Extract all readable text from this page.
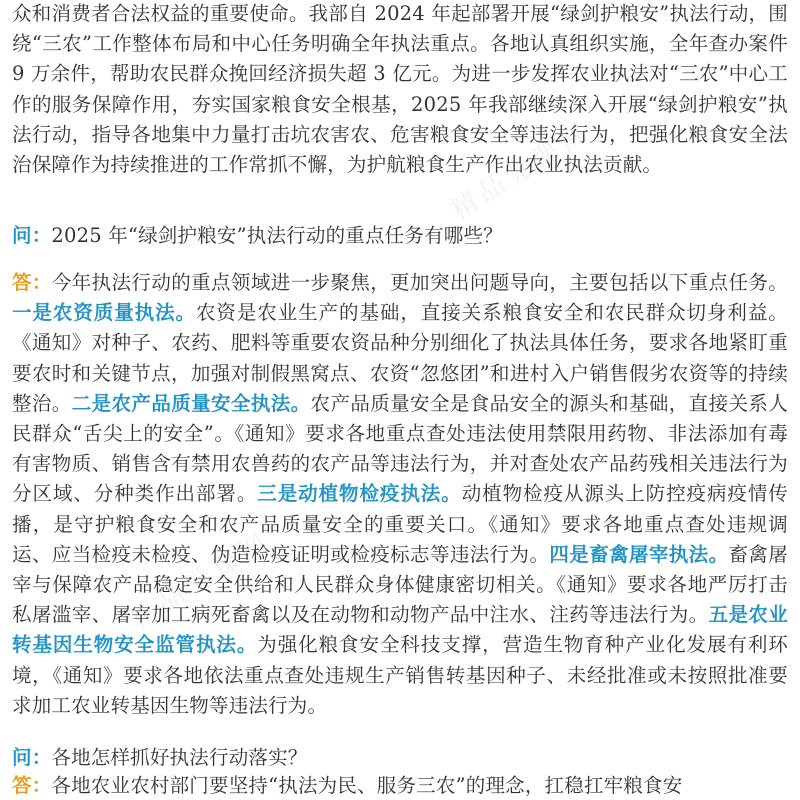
精品党课网
精品党课网

众和消费者合法权益的重要使命。我部自 2024 年起部署开展“绿剑护粮安”执法行动，围绕“三农”工作整体布局和中心任务明确全年执法重点。各地认真组织实施，全年查办案件 9 万余件，帮助农民群众挽回经济损失超 3 亿元。为进一步发挥农业执法对“三农”中心工作的服务保障作用，夯实国家粮食安全根基，2025 年我部继续深入开展“绿剑护粮安”执法行动，指导各地集中力量打击坑农害农、危害粮食安全等违法行为，把强化粮食安全法治保障作为持续推进的工作常抓不懈，为护航粮食生产作出农业执法贡献。

问：2025 年“绿剑护粮安”执法行动的重点任务有哪些？

答：今年执法行动的重点领域进一步聚焦，更加突出问题导向，主要包括以下重点任务。一是农资质量执法。农资是农业生产的基础，直接关系粮食安全和农民群众切身利益。《通知》对种子、农药、肥料等重要农资品种分别细化了执法具体任务，要求各地紧盯重要农时和关键节点，加强对制假黑窝点、农资“忽悠团”和进村入户销售假劣农资等的持续整治。二是农产品质量安全执法。农产品质量安全是食品安全的源头和基础，直接关系人民群众“舌尖上的安全”。《通知》要求各地重点查处违法使用禁限用药物、非法添加有毒有害物质、销售含有禁用农兽药的农产品等违法行为，并对查处农产品药残相关违法行为分区域、分种类作出部署。三是动植物检疫执法。动植物检疫从源头上防控疫病疫情传播，是守护粮食安全和农产品质量安全的重要关口。《通知》要求各地重点查处违规调运、应当检疫未检疫、伪造检疫证明或检疫标志等违法行为。四是畜禽屠宰执法。畜禽屠宰与保障农产品稳定安全供给和人民群众身体健康密切相关。《通知》要求各地严厉打击私屠滥宰、屠宰加工病死畜禽以及在动物和动物产品中注水、注药等违法行为。五是农业转基因生物安全监管执法。为强化粮食安全科技支撑，营造生物育种产业化发展有利环境，《通知》要求各地依法重点查处违规生产销售转基因种子、未经批准或未按照批准要求加工农业转基因生物等违法行为。

问：各地怎样抓好执法行动落实？

答：各地农业农村部门要坚持“执法为民、服务三农”的理念，扛稳扛牢粮食安
